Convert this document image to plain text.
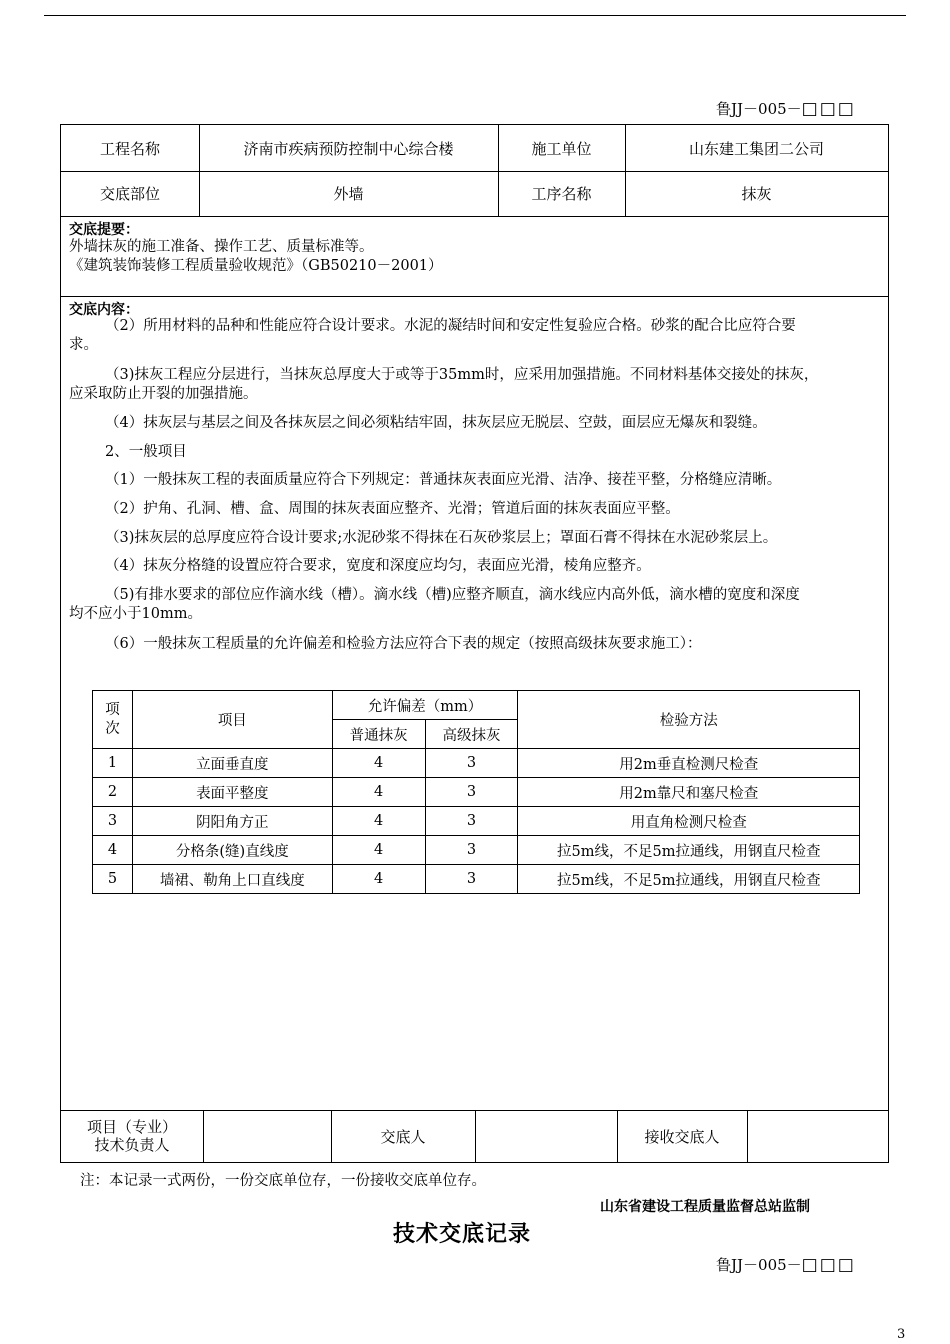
鲁JJ－005－□□□
工程名称	济南市疾病预防控制中心综合楼	施工单位	山东建工集团二公司
交底部位	外墙	工序名称	抹灰
交底提要：
外墙抹灰的施工准备、操作工艺、质量标准等。
《建筑装饰装修工程质量验收规范》（GB50210－2001）
交底内容：
（2）所用材料的品种和性能应符合设计要求。水泥的凝结时间和安定性复验应合格。砂浆的配合比应符合要
求。
（3)抹灰工程应分层进行，当抹灰总厚度大于或等于35mm时，应采用加强措施。不同材料基体交接处的抹灰，
应采取防止开裂的加强措施。
（4）抹灰层与基层之间及各抹灰层之间必须粘结牢固，抹灰层应无脱层、空鼓，面层应无爆灰和裂缝。
2、一般项目
（1）一般抹灰工程的表面质量应符合下列规定：普通抹灰表面应光滑、洁净、接茬平整，分格缝应清晰。
（2）护角、孔洞、槽、盒、周围的抹灰表面应整齐、光滑；管道后面的抹灰表面应平整。
（3)抹灰层的总厚度应符合设计要求;水泥砂浆不得抹在石灰砂浆层上；罩面石膏不得抹在水泥砂浆层上。
（4）抹灰分格缝的设置应符合要求，宽度和深度应均匀，表面应光滑，棱角应整齐。
（5)有排水要求的部位应作滴水线（槽）。滴水线（槽)应整齐顺直，滴水线应内高外低，滴水槽的宽度和深度
均不应小于10mm。
（6）一般抹灰工程质量的允许偏差和检验方法应符合下表的规定（按照高级抹灰要求施工）：
项次	项目	允许偏差（mm）		检验方法
		普通抹灰	高级抹灰	
1	立面垂直度	4	3	用2m垂直检测尺检查
2	表面平整度	4	3	用2m靠尺和塞尺检查
3	阴阳角方正	4	3	用直角检测尺检查
4	分格条(缝)直线度	4	3	拉5m线，不足5m拉通线，用钢直尺检查
5	墙裙、勒角上口直线度	4	3	拉5m线，不足5m拉通线，用钢直尺检查
项目（专业）
技术负责人	交底人	接收交底人
注：本记录一式两份，一份交底单位存，一份接收交底单位存。
山东省建设工程质量监督总站监制
技术交底记录
鲁JJ－005－□□□
3
